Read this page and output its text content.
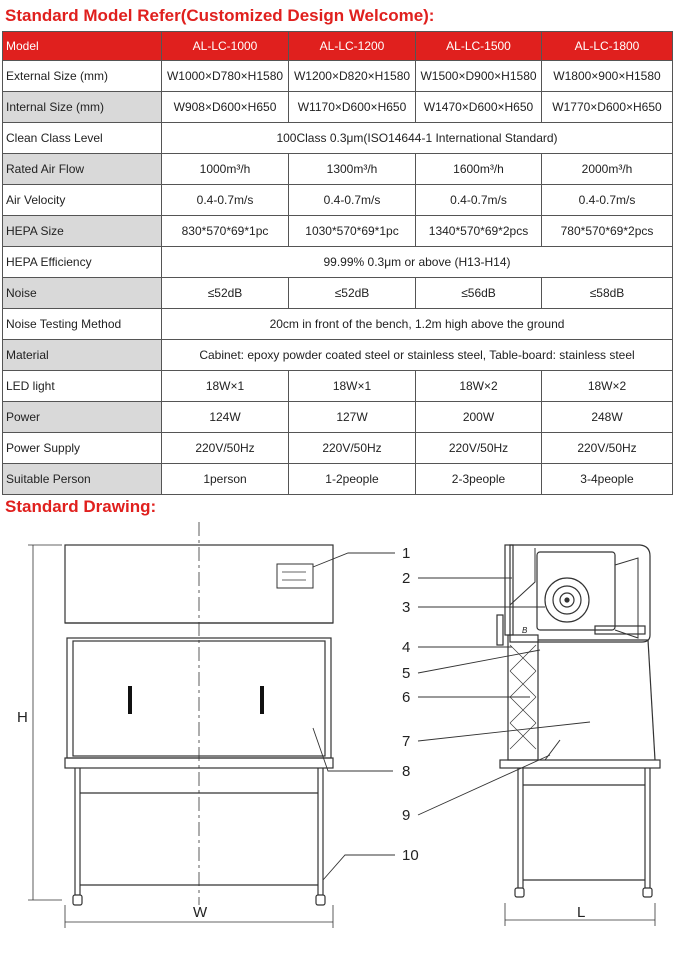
Standard Model Refer(Customized Design Welcome):
Model	AL-LC-1000	AL-LC-1200	AL-LC-1500	AL-LC-1800
External Size (mm)	W1000×D780×H1580	W1200×D820×H1580	W1500×D900×H1580	W1800×900×H1580
Internal Size (mm)	W908×D600×H650	W1170×D600×H650	W1470×D600×H650	W1770×D600×H650
Clean Class Level	100Class 0.3μm(ISO14644-1 International Standard)			
Rated Air Flow	1000m³/h	1300m³/h	1600m³/h	2000m³/h
Air Velocity	0.4-0.7m/s	0.4-0.7m/s	0.4-0.7m/s	0.4-0.7m/s
HEPA Size	830*570*69*1pc	1030*570*69*1pc	1340*570*69*2pcs	780*570*69*2pcs
HEPA Efficiency	99.99% 0.3μm or above (H13-H14)			
Noise	≤52dB	≤52dB	≤56dB	≤58dB
Noise Testing Method	20cm in front of the bench, 1.2m high above the ground			
Material	Cabinet: epoxy powder coated steel or stainless steel, Table-board: stainless steel			
LED light	18W×1	18W×1	18W×2	18W×2
Power	124W	127W	200W	248W
Power Supply	220V/50Hz	220V/50Hz	220V/50Hz	220V/50Hz
Suitable Person	1person	1-2people	2-3people	3-4people
Standard Drawing:
1
2
3
4
5
6
7
8
9
10
H
W	L
B
